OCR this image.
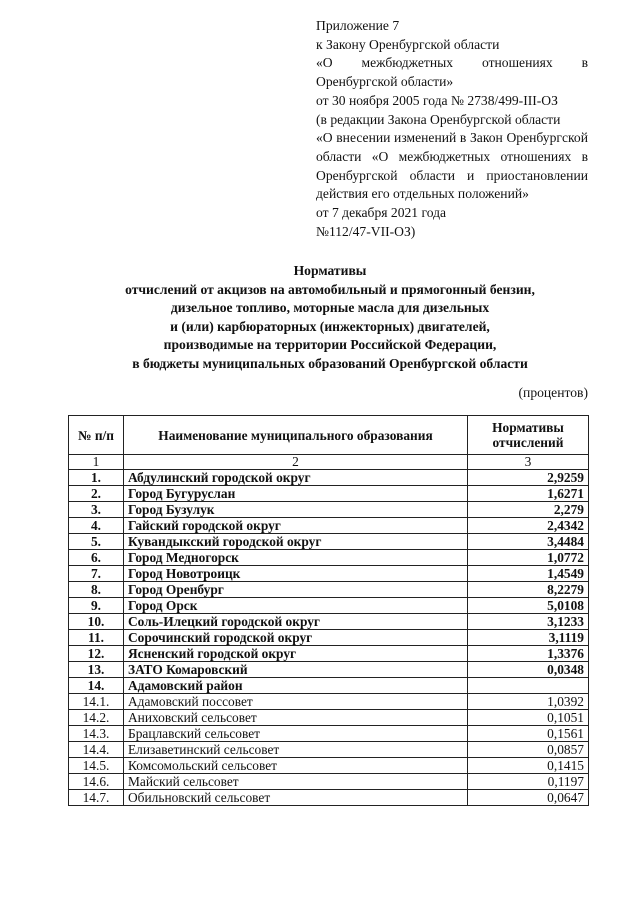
Приложение 7
к Закону Оренбургской области
«О межбюджетных отношениях в Оренбургской области»
от 30 ноября 2005 года № 2738/499-III-ОЗ
(в редакции Закона Оренбургской области
«О внесении изменений в Закон Оренбургской области «О межбюджетных отношениях в Оренбургской области и приостановлении действия его отдельных положений»
от 7 декабря 2021 года
№112/47-VII-ОЗ)
Нормативы
отчислений от акцизов на автомобильный и прямогонный бензин,
дизельное топливо, моторные масла для дизельных
и (или) карбюраторных (инжекторных) двигателей,
производимые на территории Российской Федерации,
в бюджеты муниципальных образований Оренбургской области
(процентов)
№ п/п	Наименование муниципального образования	Нормативы отчислений
1	2	3
1.	Абдулинский городской округ	2,9259
2.	Город Бугуруслан	1,6271
3.	Город Бузулук	2,279
4.	Гайский городской округ	2,4342
5.	Кувандыкский городской округ	3,4484
6.	Город Медногорск	1,0772
7.	Город Новотроицк	1,4549
8.	Город Оренбург	8,2279
9.	Город Орск	5,0108
10.	Соль-Илецкий городской округ	3,1233
11.	Сорочинский городской округ	3,1119
12.	Ясненский городской округ	1,3376
13.	ЗАТО Комаровский	0,0348
14.	Адамовский район	
14.1.	Адамовский поссовет	1,0392
14.2.	Аниховский сельсовет	0,1051
14.3.	Брацлавский сельсовет	0,1561
14.4.	Елизаветинский сельсовет	0,0857
14.5.	Комсомольский сельсовет	0,1415
14.6.	Майский сельсовет	0,1197
14.7.	Обильновский сельсовет	0,0647
